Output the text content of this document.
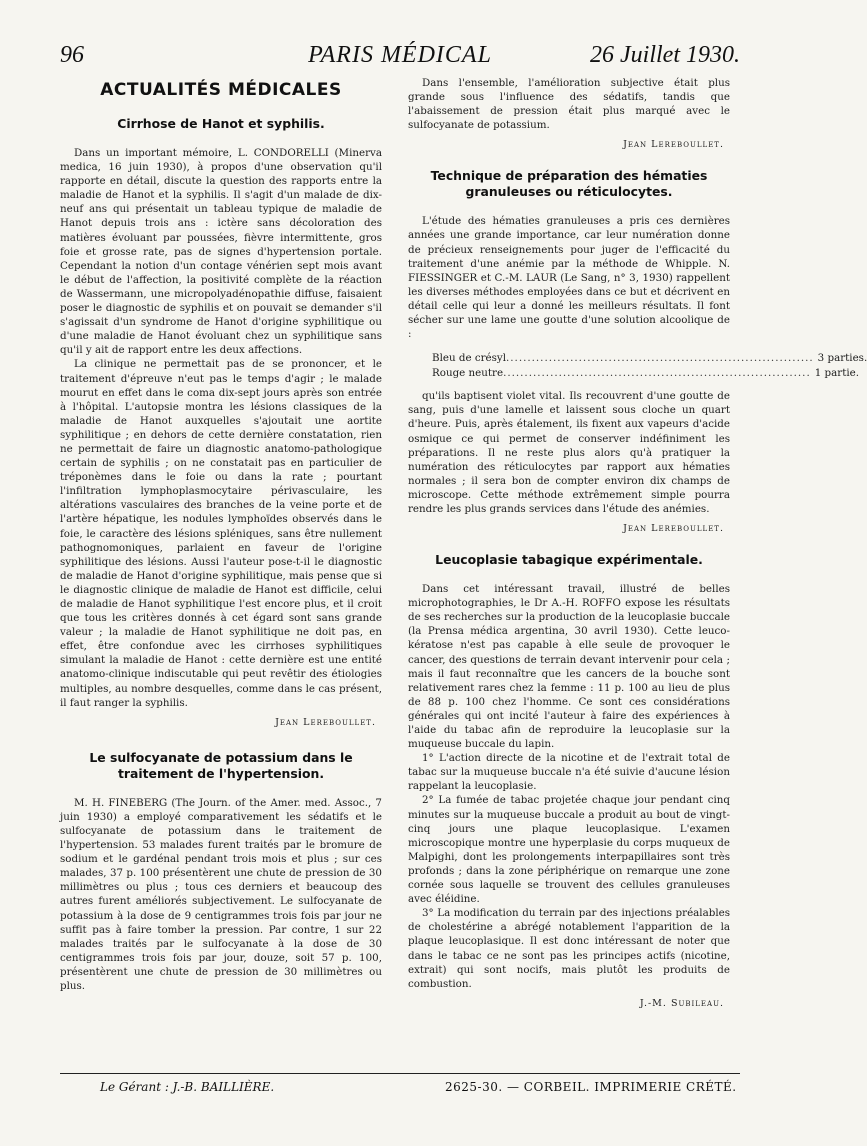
96	PARIS MÉDICAL	26 Juillet 1930.
ACTUALITÉS MÉDICALES
Cirrhose de Hanot et syphilis.

Dans un important mémoire, L. CONDORELLI (Minerva medica, 16 juin 1930), à propos d'une observation qu'il rapporte en détail, discute la question des rapports entre la maladie de Hanot et la syphilis. Il s'agit d'un malade de dix-neuf ans qui présentait un tableau typique de maladie de Hanot depuis trois ans : ictère sans décoloration des matières évoluant par poussées, fièvre intermittente, gros foie et grosse rate, pas de signes d'hypertension portale. Cependant la notion d'un contage vénérien sept mois avant le début de l'affection, la positivité complète de la réaction de Wassermann, une micropolyadénopathie diffuse, faisaient poser le diagnostic de syphilis et on pouvait se demander s'il s'agissait d'un syndrome de Hanot d'origine syphilitique ou d'une maladie de Hanot évoluant chez un syphilitique sans qu'il y ait de rapport entre les deux affections.

La clinique ne permettait pas de se prononcer, et le traitement d'épreuve n'eut pas le temps d'agir ; le malade mourut en effet dans le coma dix-sept jours après son entrée à l'hôpital. L'autopsie montra les lésions classiques de la maladie de Hanot auxquelles s'ajoutait une aortite syphilitique ; en dehors de cette dernière constatation, rien ne permettait de faire un diagnostic anatomo-pathologique certain de syphilis ; on ne constatait pas en particulier de tréponèmes dans le foie ou dans la rate ; pourtant l'infiltration lymphoplasmocytaire périvasculaire, les altérations vasculaires des branches de la veine porte et de l'artère hépatique, les nodules lymphoïdes observés dans le foie, le caractère des lésions spléniques, sans être nullement pathognomoniques, parlaient en faveur de l'origine syphilitique des lésions. Aussi l'auteur pose-t-il le diagnostic de maladie de Hanot d'origine syphilitique, mais pense que si le diagnostic clinique de maladie de Hanot est difficile, celui de maladie de Hanot syphilitique l'est encore plus, et il croit que tous les critères donnés à cet égard sont sans grande valeur ; la maladie de Hanot syphilitique ne doit pas, en effet, être confondue avec les cirrhoses syphilitiques simulant la maladie de Hanot : cette dernière est une entité anatomo-clinique indiscutable qui peut revêtir des étiologies multiples, au nombre desquelles, comme dans le cas présent, il faut ranger la syphilis.

Jean Lereboullet.
Le sulfocyanate de potassium dans le traitement de l'hypertension.

M. H. FINEBERG (The Journ. of the Amer. med. Assoc., 7 juin 1930) a employé comparativement les sédatifs et le sulfocyanate de potassium dans le traitement de l'hypertension. 53 malades furent traités par le bromure de sodium et le gardénal pendant trois mois et plus ; sur ces malades, 37 p. 100 présentèrent une chute de pression de 30 millimètres ou plus ; tous ces derniers et beaucoup des autres furent améliorés subjectivement. Le sulfocyanate de potassium à la dose de 9 centigrammes trois fois par jour ne suffit pas à faire tomber la pression. Par contre, 1 sur 22 malades traités par le sulfocyanate à la dose de 30 centigrammes trois fois par jour, douze, soit 57 p. 100, présentèrent une chute de pression de 30 millimètres ou plus.

Dans l'ensemble, l'amélioration subjective était plus grande sous l'influence des sédatifs, tandis que l'abaissement de pression était plus marqué avec le sulfocyanate de potassium.

Jean Lereboullet.
Technique de préparation des hématies granuleuses ou réticulocytes.

L'étude des hématies granuleuses a pris ces dernières années une grande importance, car leur numération donne de précieux renseignements pour juger de l'efficacité du traitement d'une anémie par la méthode de Whipple. N. FIESSINGER et C.-M. LAUR (Le Sang, n° 3, 1930) rappellent les diverses méthodes employées dans ce but et décrivent en détail celle qui leur a donné les meilleurs résultats. Il font sécher sur une lame une goutte d'une solution alcoolique de :

Bleu de crésyl ........................................................................ 3 parties.
Rouge neutre ........................................................................ 1 partie.

qu'ils baptisent violet vital. Ils recouvrent d'une goutte de sang, puis d'une lamelle et laissent sous cloche un quart d'heure. Puis, après étalement, ils fixent aux vapeurs d'acide osmique ce qui permet de conserver indéfiniment les préparations. Il ne reste plus alors qu'à pratiquer la numération des réticulocytes par rapport aux hématies normales ; il sera bon de compter environ dix champs de microscope. Cette méthode extrêmement simple pourra rendre les plus grands services dans l'étude des anémies.

Jean Lereboullet.
Leucoplasie tabagique expérimentale.

Dans cet intéressant travail, illustré de belles microphotographies, le Dr A.-H. ROFFO expose les résultats de ses recherches sur la production de la leucoplasie buccale (la Prensa médica argentina, 30 avril 1930). Cette leuco-kératose n'est pas capable à elle seule de provoquer le cancer, des questions de terrain devant intervenir pour cela ; mais il faut reconnaître que les cancers de la bouche sont relativement rares chez la femme : 11 p. 100 au lieu de plus de 88 p. 100 chez l'homme. Ce sont ces considérations générales qui ont incité l'auteur à faire des expériences à l'aide du tabac afin de reproduire la leucoplasie sur la muqueuse buccale du lapin.

1° L'action directe de la nicotine et de l'extrait total de tabac sur la muqueuse buccale n'a été suivie d'aucune lésion rappelant la leucoplasie.

2° La fumée de tabac projetée chaque jour pendant cinq minutes sur la muqueuse buccale a produit au bout de vingt-cinq jours une plaque leucoplasique. L'examen microscopique montre une hyperplasie du corps muqueux de Malpighi, dont les prolongements interpapillaires sont très profonds ; dans la zone périphérique on remarque une zone cornée sous laquelle se trouvent des cellules granuleuses avec éléidine.

3° La modification du terrain par des injections préalables de cholestérine a abrégé notablement l'apparition de la plaque leucoplasique. Il est donc intéressant de noter que dans le tabac ce ne sont pas les principes actifs (nicotine, extrait) qui sont nocifs, mais plutôt les produits de combustion.

J.-M. Subileau.
Le Gérant : J.-B. BAILLIÈRE.	2625-30. — CORBEIL. IMPRIMERIE CRÉTÉ.
